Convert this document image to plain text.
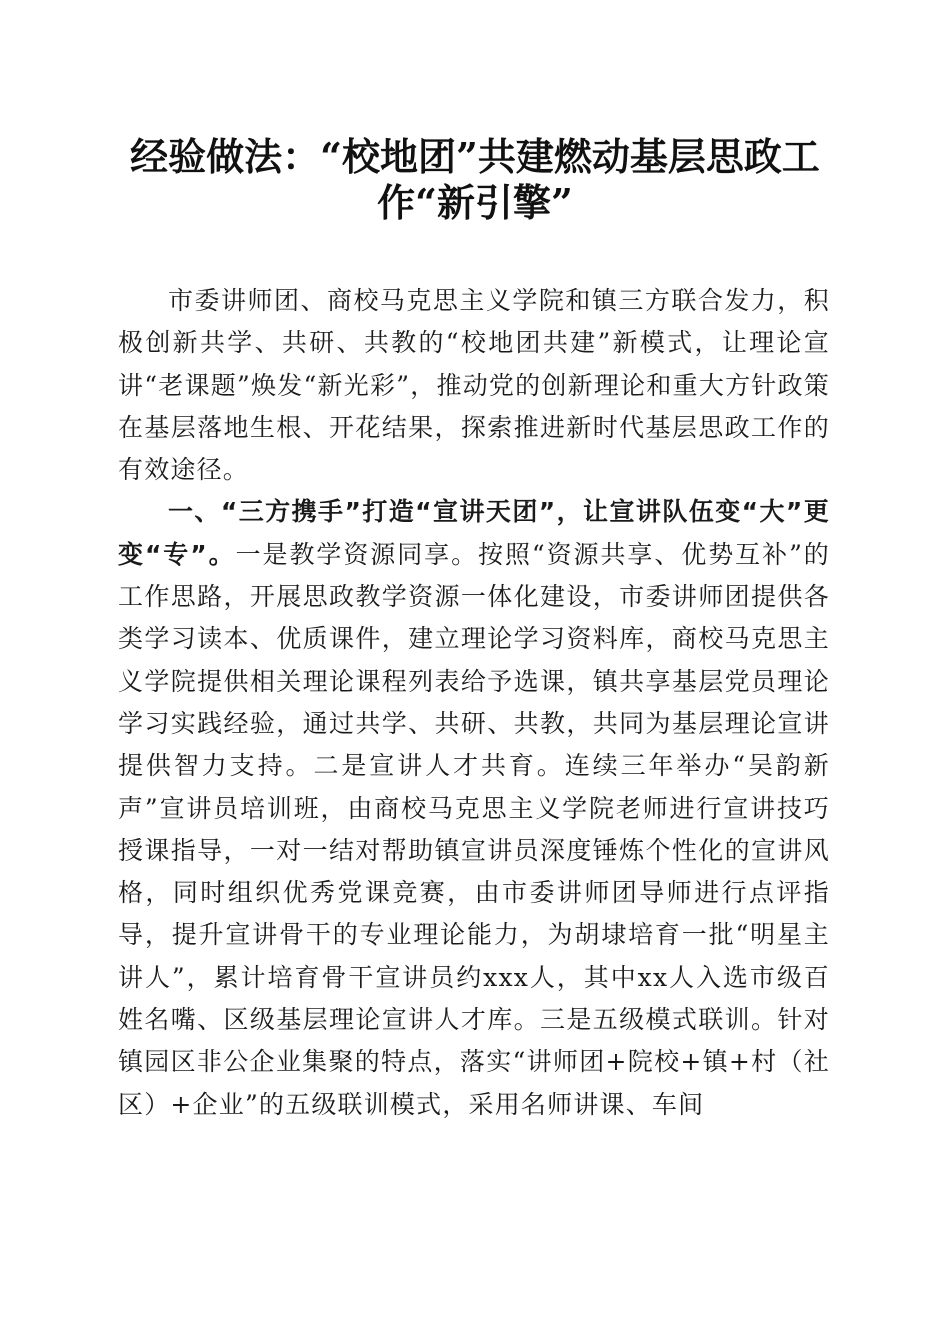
经验做法：“校地团”共建燃动基层思政工
作“新引擎”

市委讲师团、商校马克思主义学院和镇三方联合发力，积极创新共学、共研、共教的“校地团共建”新模式，让理论宣讲“老课题”焕发“新光彩”，推动党的创新理论和重大方针政策在基层落地生根、开花结果，探索推进新时代基层思政工作的有效途径。

一、“三方携手”打造“宣讲天团”，让宣讲队伍变“大”更变“专”。一是教学资源同享。按照“资源共享、优势互补”的工作思路，开展思政教学资源一体化建设，市委讲师团提供各类学习读本、优质课件，建立理论学习资料库，商校马克思主义学院提供相关理论课程列表给予选课，镇共享基层党员理论学习实践经验，通过共学、共研、共教，共同为基层理论宣讲提供智力支持。二是宣讲人才共育。连续三年举办“吴韵新声”宣讲员培训班，由商校马克思主义学院老师进行宣讲技巧授课指导，一对一结对帮助镇宣讲员深度锤炼个性化的宣讲风格，同时组织优秀党课竞赛，由市委讲师团导师进行点评指导，提升宣讲骨干的专业理论能力，为胡埭培育一批“明星主讲人”，累计培育骨干宣讲员约xxx人，其中xx人入选市级百姓名嘴、区级基层理论宣讲人才库。三是五级模式联训。针对镇园区非公企业集聚的特点，落实“讲师团+院校+镇+村（社区）+企业”的五级联训模式，采用名师讲课、车间
